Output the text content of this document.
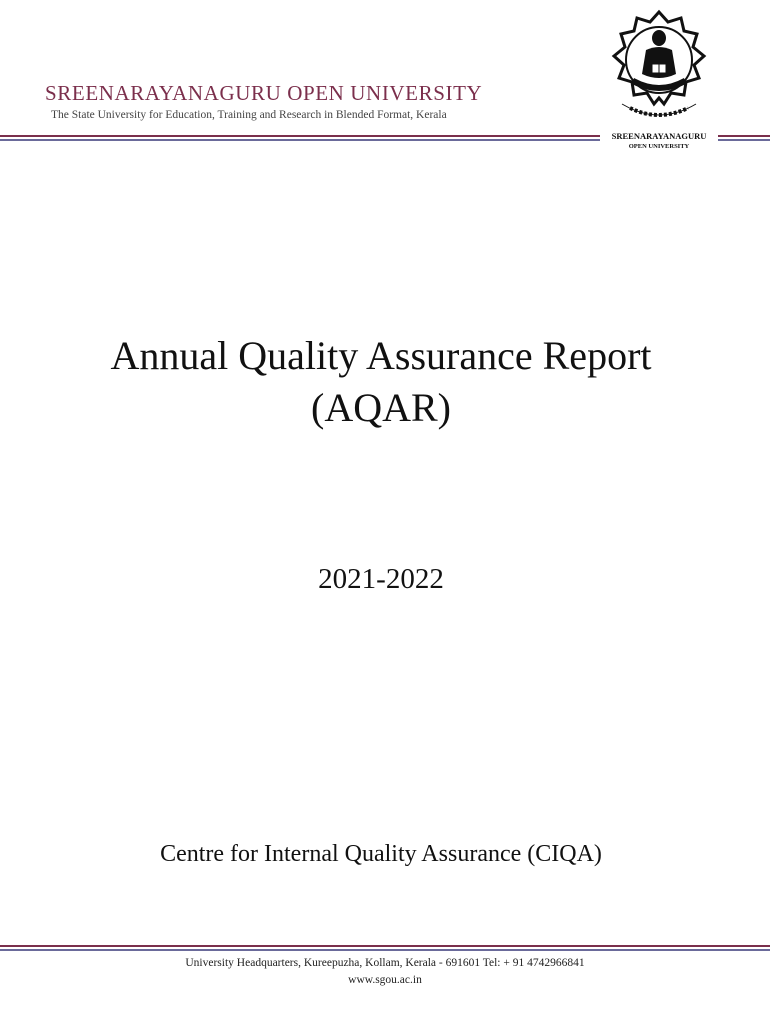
SREENARAYANAGURU OPEN UNIVERSITY
The State University for Education, Training and Research in Blended Format, Kerala
SREENARAYANAGURU
OPEN UNIVERSITY
Annual Quality Assurance Report
(AQAR)
2021-2022
Centre for Internal Quality Assurance (CIQA)
University Headquarters, Kureepuzha, Kollam, Kerala - 691601 Tel: + 91 4742966841
www.sgou.ac.in
